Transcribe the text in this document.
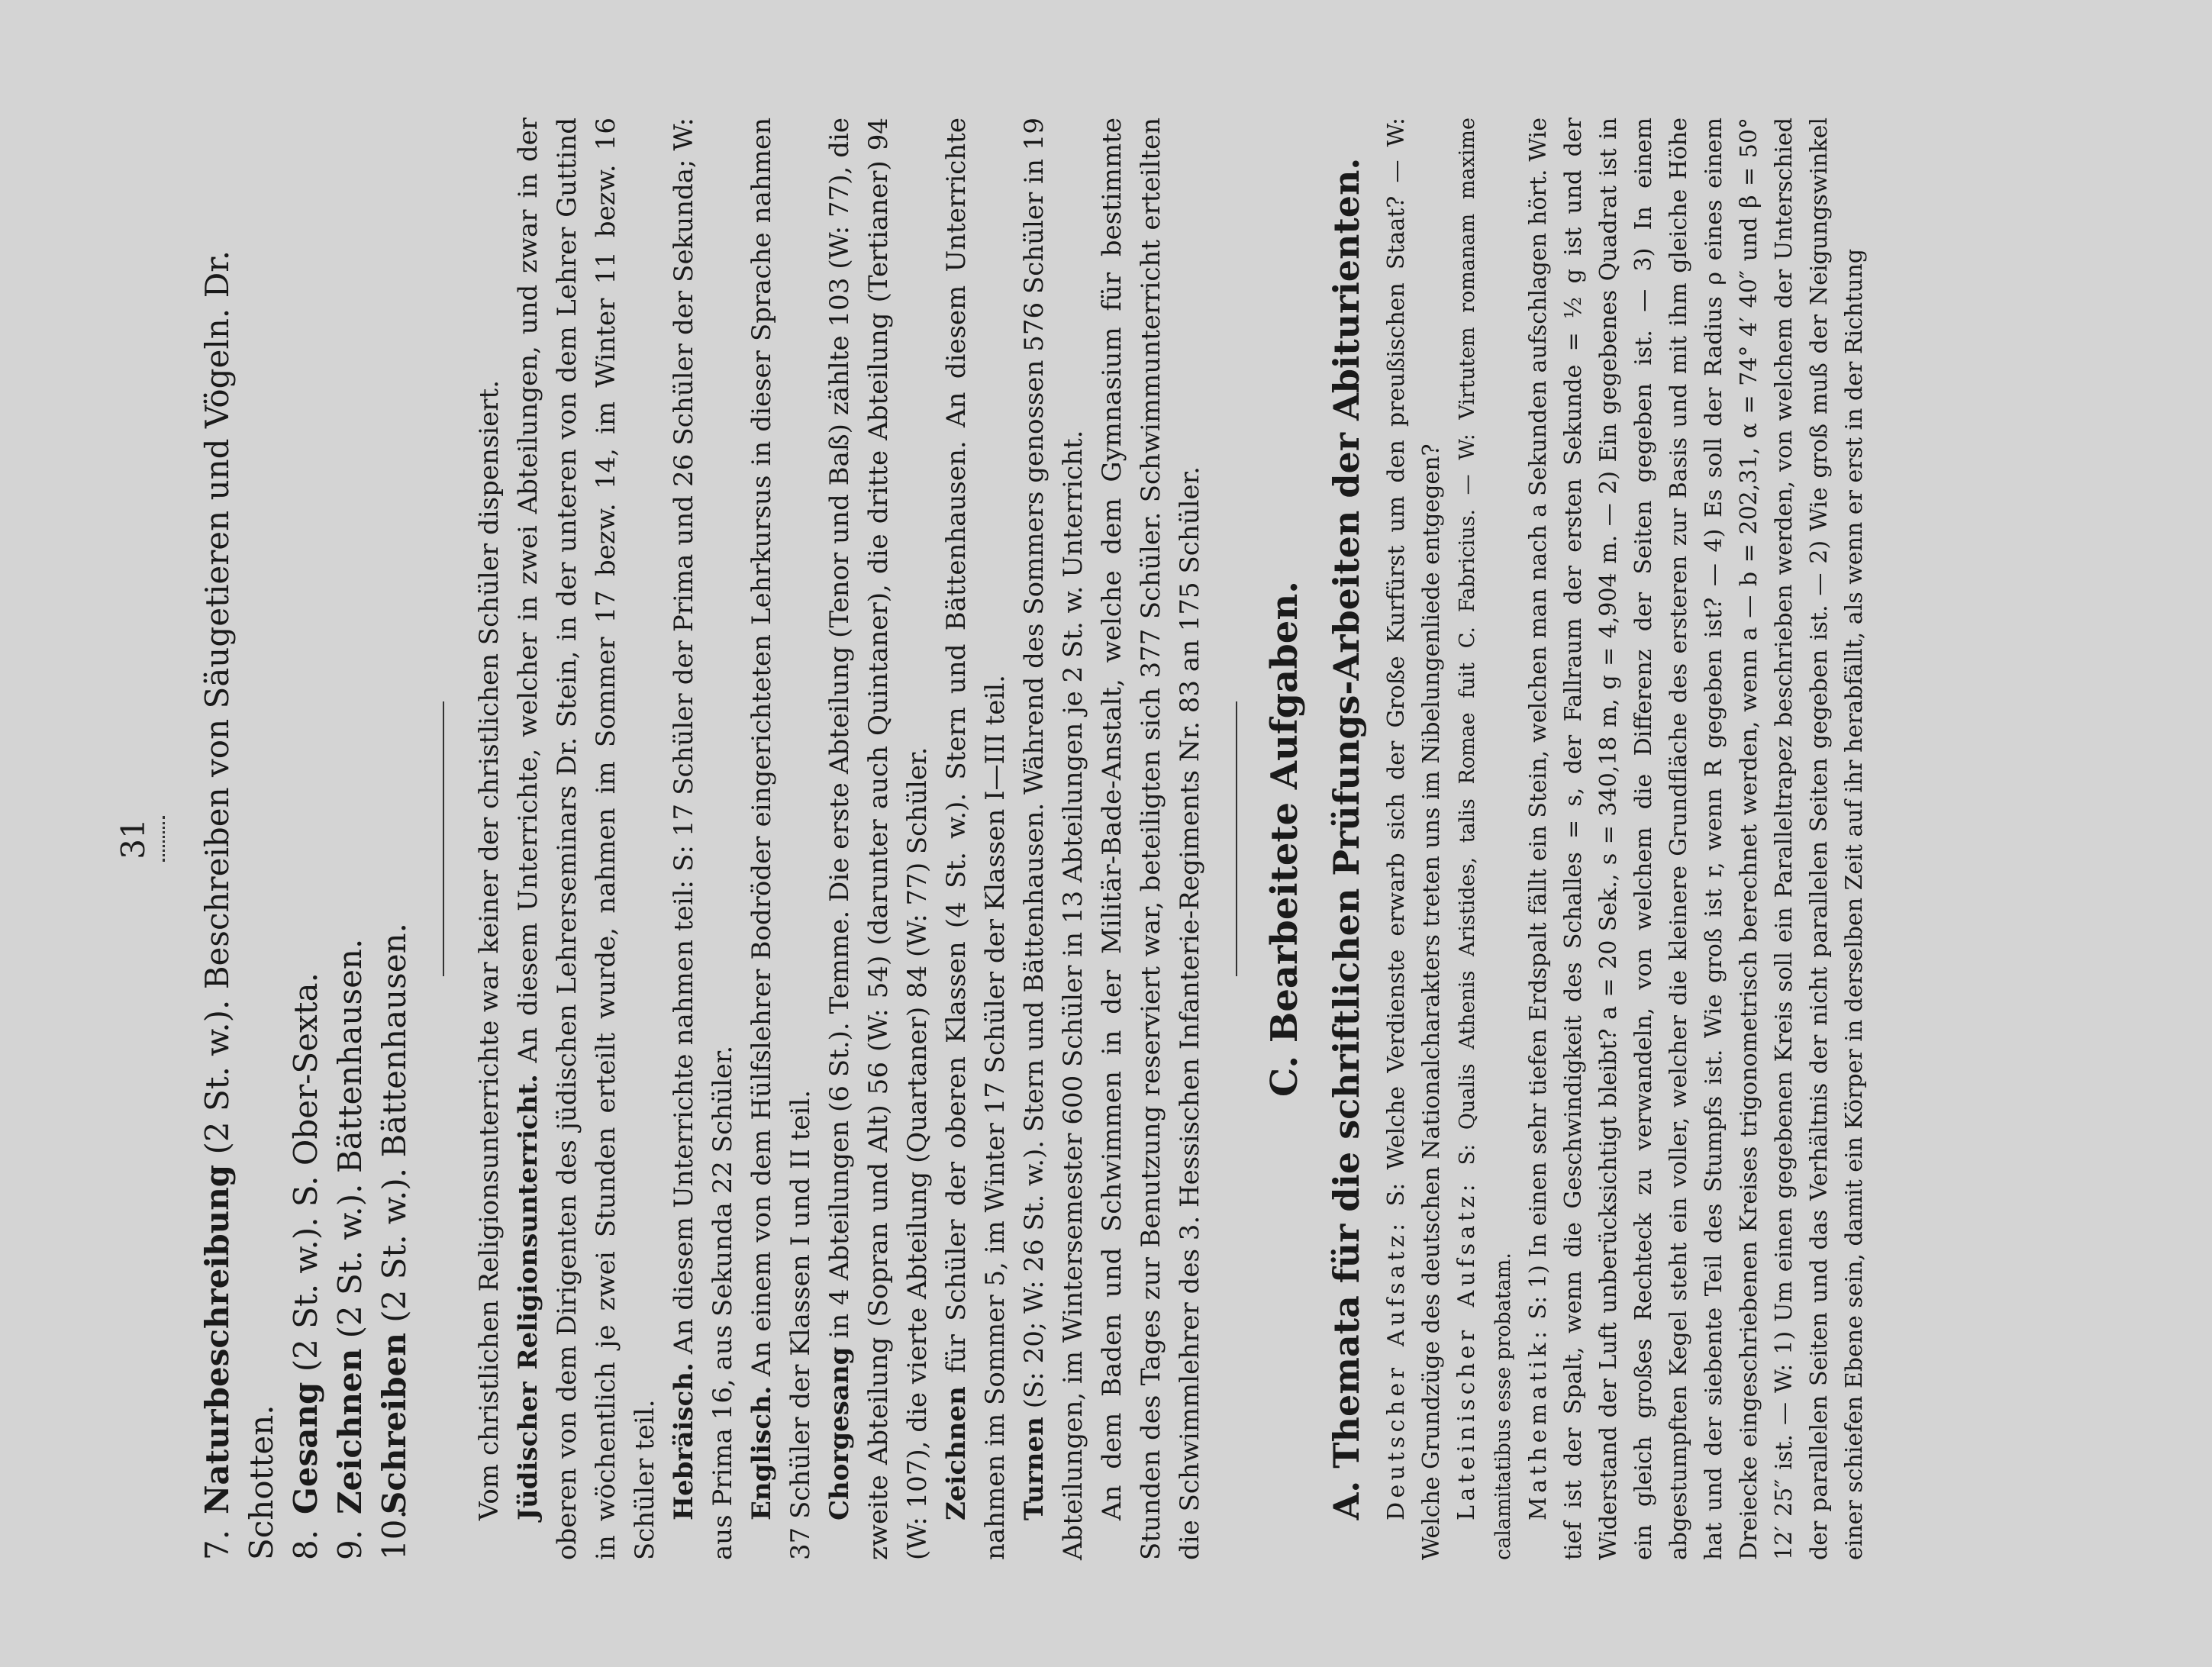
31
7.Naturbeschreibung (2 St. w.). Beschreiben von Säugetieren und Vögeln. Dr. Schotten. 8.Gesang (2 St. w.). S. Ober-Sexta.
9.Zeichnen (2 St. w.). Bättenhausen.
10.Schreiben (2 St. w.). Bättenhausen. Vom christlichen Religionsunterrichte war keiner der christlichen Schüler dispensiert. Jüdischer Religionsunterricht. An diesem Unterrichte, welcher in zwei Abteilungen, und zwar in der oberen von dem Dirigenten des jüdischen Lehrerseminars Dr. Stein, in der unteren von dem Lehrer Guttind in wöchentlich je zwei Stunden erteilt wurde, nahmen im Sommer 17 bezw. 14, im Winter 11 bezw. 16 Schüler teil. Hebräisch. An diesem Unterrichte nahmen teil: S: 17 Schüler der Prima und 26 Schüler der Sekunda; W: aus Prima 16, aus Sekunda 22 Schüler. Englisch. An einem von dem Hülfslehrer Bodröder eingerichteten Lehrkursus in dieser Sprache nahmen 37 Schüler der Klassen I und II teil. Chorgesang in 4 Abteilungen (6 St.). Temme. Die erste Abteilung (Tenor und Baß) zählte 103 (W: 77), die zweite Abteilung (Sopran und Alt) 56 (W: 54) (darunter auch Quintaner), die dritte Abteilung (Tertianer) 94 (W: 107), die vierte Abteilung (Quartaner) 84 (W: 77) Schüler. Zeichnen für Schüler der oberen Klassen (4 St. w.). Stern und Bättenhausen. An diesem Unterrichte nahmen im Sommer 5, im Winter 17 Schüler der Klassen I—III teil. Turnen (S: 20; W: 26 St. w.). Stern und Bättenhausen. Während des Sommers genossen 576 Schüler in 19 Abteilungen, im Wintersemester 600 Schüler in 13 Abteilungen je 2 St. w. Unterricht. An dem Baden und Schwimmen in der Militär-Bade-Anstalt, welche dem Gymnasium für bestimmte Stunden des Tages zur Benutzung reserviert war, beteiligten sich 377 Schüler. Schwimmunterricht erteilten die Schwimmlehrer des 3. Hessischen Infanterie-Regiments Nr. 83 an 175 Schüler. C. Bearbeitete Aufgaben. A. Themata für die schriftlichen Prüfungs-Arbeiten der Abiturienten. Deutscher Aufsatz: S: Welche Verdienste erwarb sich der Große Kurfürst um den preußischen Staat? — W: Welche Grundzüge des deutschen Nationalcharakters treten uns im Nibelungenliede entgegen? Lateinischer Aufsatz: S: Qualis Athenis Aristides, talis Romae fuit C. Fabricius. — W: Virtutem romanam maxime calamitatibus esse probatam. Mathematik: S: 1) In einen sehr tiefen Erdspalt fällt ein Stein, welchen man nach a Sekunden aufschlagen hört. Wie tief ist der Spalt, wenn die Geschwindigkeit des Schalles = s, der Fallraum der ersten Sekunde = ½ g ist und der Widerstand der Luft unberücksichtigt bleibt? a = 20 Sek., s = 340,18 m, g = 4,904 m. — 2) Ein gegebenes Quadrat ist in ein gleich großes Rechteck zu verwandeln, von welchem die Differenz der Seiten gegeben ist. — 3) In einem abgestumpften Kegel steht ein voller, welcher die kleinere Grundfläche des ersteren zur Basis und mit ihm gleiche Höhe hat und der siebente Teil des Stumpfs ist. Wie groß ist r, wenn R gegeben ist? — 4) Es soll der Radius ρ eines einem Dreiecke eingeschriebenen Kreises trigonometrisch berechnet werden, wenn a — b = 202,31, α = 74° 4′ 40″ und β = 50° 12′ 25″ ist. — W: 1) Um einen gegebenen Kreis soll ein Paralleltrapez beschrieben werden, von welchem der Unterschied der parallelen Seiten und das Verhältnis der nicht parallelen Seiten gegeben ist. — 2) Wie groß muß der Neigungswinkel einer schiefen Ebene sein, damit ein Körper in derselben Zeit auf ihr herabfällt, als wenn er erst in der Richtung
